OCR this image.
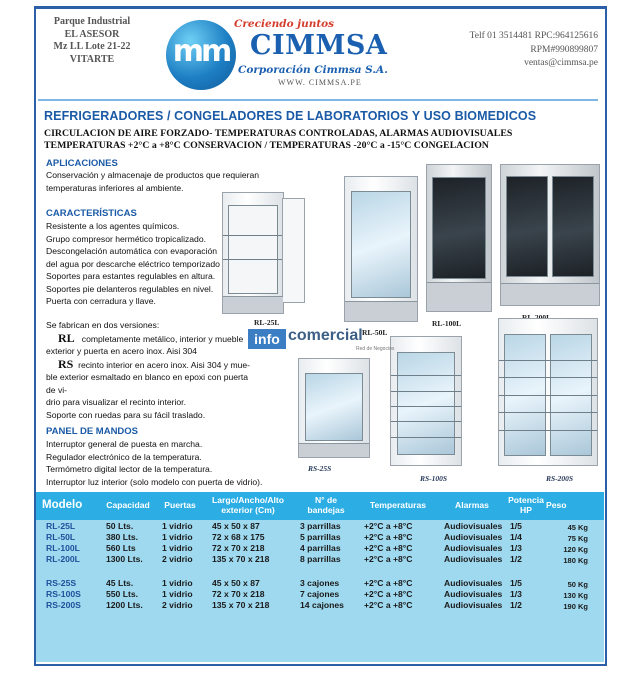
Parque Industrial
EL ASESOR
Mz LL Lote 21-22
VITARTE	mm
Creciendo juntos
CIMMSA
Corporación Cimmsa S.A.
WWW. CIMMSA.PE
Telf 01 3514481 RPC:964125616
RPM#990899807
ventas@cimmsa.pe
REFRIGERADORES / CONGELADORES DE LABORATORIOS Y USO BIOMEDICOS
CIRCULACION DE AIRE FORZADO- TEMPERATURAS CONTROLADAS, ALARMAS AUDIOVISUALES
TEMPERATURAS +2°C a +8°C CONSERVACION / TEMPERATURAS -20°C a -15°C CONGELACION
APLICACIONES
Conservación y almacenaje de productos que requieran
temperaturas inferiores al ambiente.
CARACTERÍSTICAS
Resistente a los agentes químicos.
Grupo compresor hermético tropicalizado.
Descongelación automática con evaporación
del agua por descarche eléctrico temporizado
Soportes para estantes regulables en altura.
Soportes pie delanteros regulables en nivel.
Puerta con cerradura y llave.
Se fabrican en dos versiones:
RL completamente metálico, interior y mueble
exterior y puerta en acero inox. Aisi 304
RS recinto interior en acero inox. Aisi 304 y mue-
ble exterior esmaltado en blanco en epoxi con puerta de vi-
drio para visualizar el recinto interior.
Soporte con ruedas para su fácil traslado.
PANEL DE MANDOS
Interruptor general de puesta en marcha.
Regulador electrónico de la temperatura.
Termómetro digital lector de la temperatura.
Interruptor luz interior (solo modelo con puerta de vidrio).
RL-25L
RL-50L
RL-100L
RS-25S
RS-100S	RS-200S
info comercial
Red de Negocios
Modelo	Capacidad	Puertas	Largo/Ancho/Alto exterior (Cm)
N° de bandejas	Temperaturas	Alarmas	Potencia HP	Peso
RL-25L	50 Lts.	1 vidrio 45 x 50 x 87	3 parrillas	+2°C a +8°C	Audiovisuales 1/5	45 Kg
RL-50L	380 Lts.	1 vidrio 72 x 68 x 175	5 parrillas	+2°C a +8°C	Audiovisuales 1/4	75 Kg
RL-100L	560 Lts	1 vidrio 72 x 70 x 218	4 parrillas	+2°C a +8°C	Audiovisuales 1/3	120 Kg
RL-200L	1300 Lts. 2 vidrio 135 x 70 x 218	8 parrillas	+2°C a +8°C	Audiovisuales 1/2	180 Kg
RS-25S	45 Lts.	1 vidrio 45 x 50 x 87	3 cajones	+2°C a +8°C	Audiovisuales 1/5	50 Kg
RS-100S	550 Lts.	1 vidrio 72 x 70 x 218	7 cajones	+2°C a +8°C	Audiovisuales 1/3	130 Kg
RS-200S	1200 Lts. 2 vidrio 135 x 70 x 218	14 cajones +2°C a +8°C	Audiovisuales 1/2	190 Kg
